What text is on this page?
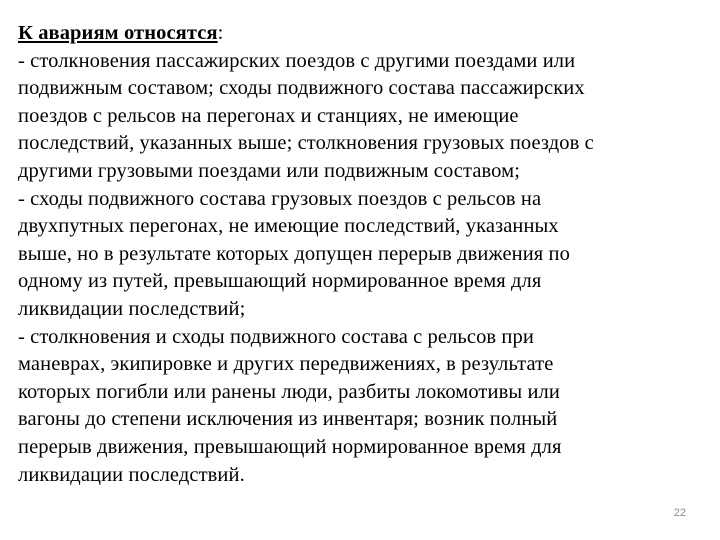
К авариям относятся:
- столкновения пассажирских поездов с другими поездами или
подвижным составом; сходы подвижного состава пассажирских
поездов с рельсов на перегонах и станциях, не имеющие
последствий, указанных выше; столкновения грузовых поездов с
другими грузовыми поездами или подвижным составом;
- сходы подвижного состава грузовых поездов с рельсов на
двухпутных перегонах, не имеющие последствий, указанных
выше, но в результате которых допущен перерыв движения по
одному из путей, превышающий нормированное время для
ликвидации последствий;
- столкновения и сходы подвижного состава с рельсов при
маневрах, экипировке и других передвижениях, в результате
которых погибли или ранены люди, разбиты локомотивы или
вагоны до степени исключения из инвентаря; возник полный
перерыв движения, превышающий нормированное время для
ликвидации последствий.
22
